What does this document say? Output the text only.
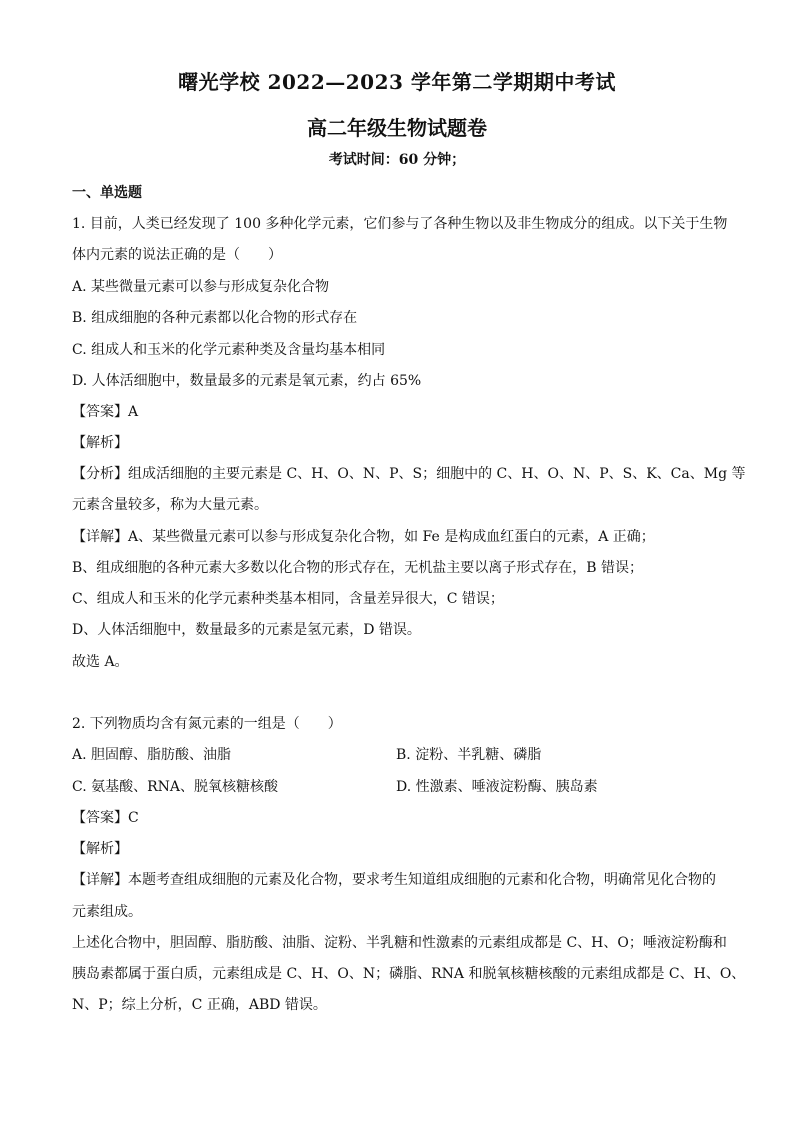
曙光学校 2022—2023 学年第二学期期中考试
高二年级生物试题卷
考试时间：60 分钟；
一、单选题
1. 目前，人类已经发现了 100 多种化学元素，它们参与了各种生物以及非生物成分的组成。以下关于生物
体内元素的说法正确的是（　　）
A. 某些微量元素可以参与形成复杂化合物
B. 组成细胞的各种元素都以化合物的形式存在
C. 组成人和玉米的化学元素种类及含量均基本相同
D. 人体活细胞中，数量最多的元素是氧元素，约占 65%
【答案】A
【解析】
【分析】组成活细胞的主要元素是 C、H、O、N、P、S；细胞中的 C、H、O、N、P、S、K、Ca、Mg 等
元素含量较多，称为大量元素。
【详解】A、某些微量元素可以参与形成复杂化合物，如 Fe 是构成血红蛋白的元素，A 正确；
B、组成细胞的各种元素大多数以化合物的形式存在，无机盐主要以离子形式存在，B 错误；
C、组成人和玉米的化学元素种类基本相同，含量差异很大，C 错误；
D、人体活细胞中，数量最多的元素是氢元素，D 错误。
故选 A。
2. 下列物质均含有氮元素的一组是（　　）
A. 胆固醇、脂肪酸、油脂	B. 淀粉、半乳糖、磷脂
C. 氨基酸、RNA、脱氧核糖核酸	D. 性激素、唾液淀粉酶、胰岛素
【答案】C
【解析】
【详解】本题考查组成细胞的元素及化合物，要求考生知道组成细胞的元素和化合物，明确常见化合物的
元素组成。
上述化合物中，胆固醇、脂肪酸、油脂、淀粉、半乳糖和性激素的元素组成都是 C、H、O；唾液淀粉酶和
胰岛素都属于蛋白质，元素组成是 C、H、O、N；磷脂、RNA 和脱氧核糖核酸的元素组成都是 C、H、O、
N、P；综上分析，C 正确，ABD 错误。
